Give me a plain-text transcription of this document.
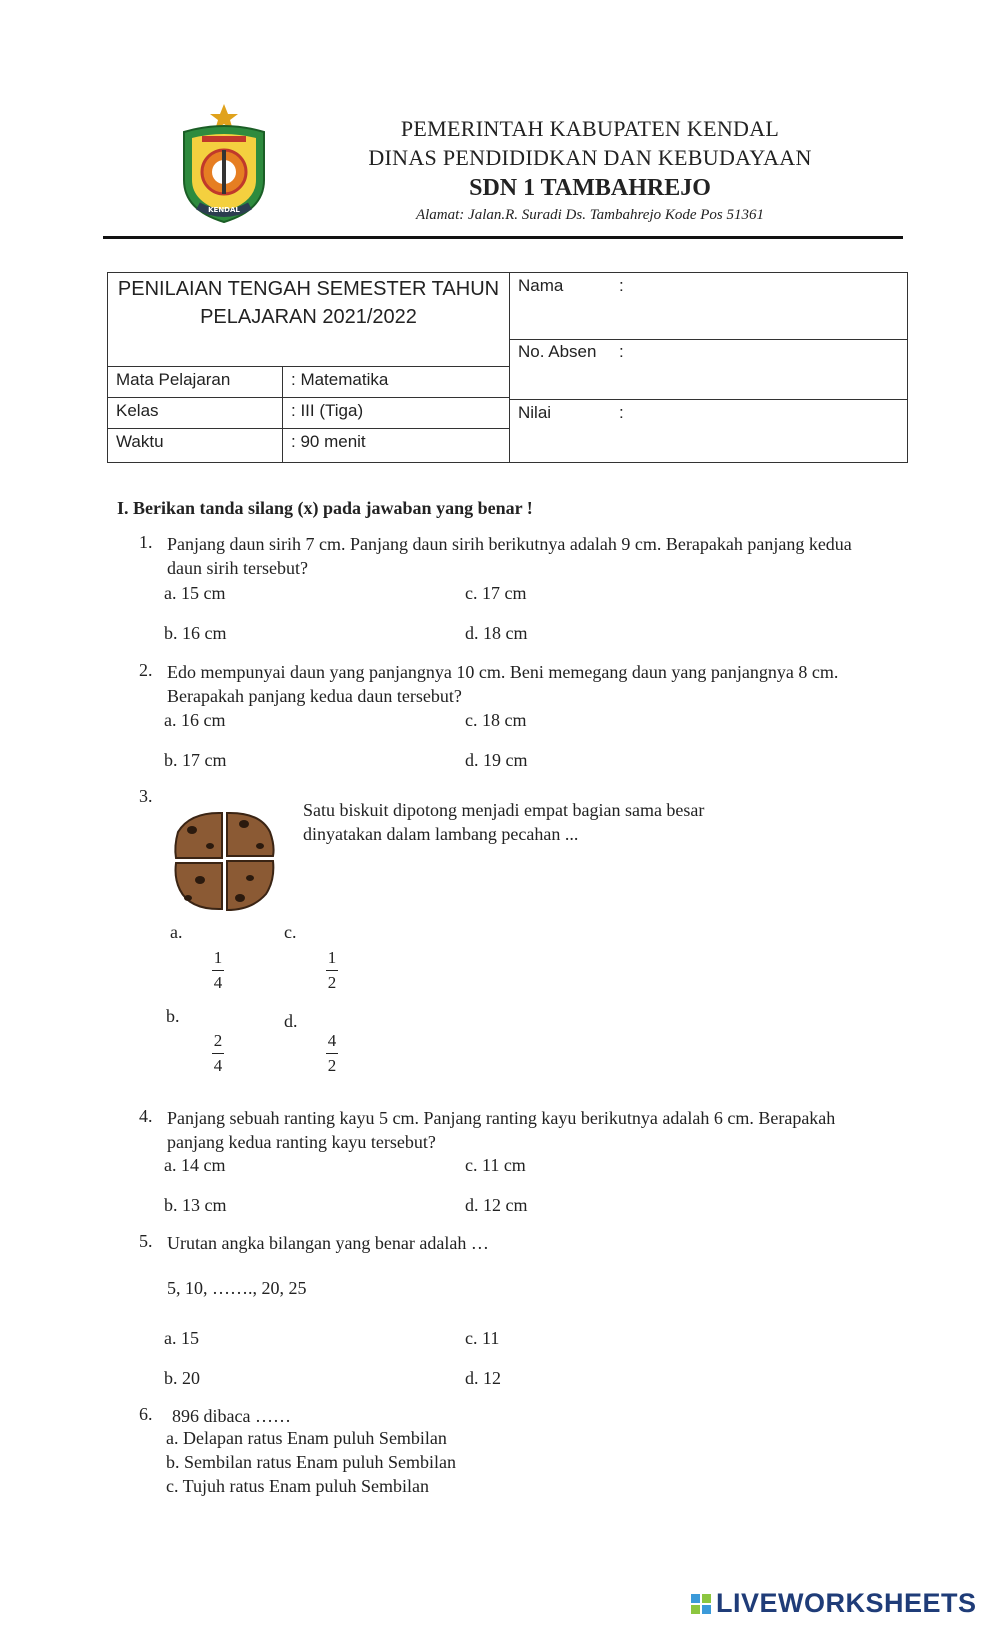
KENDAL
PEMERINTAH KABUPATEN KENDAL
DINAS PENDIDIDKAN DAN KEBUDAYAAN
SDN 1 TAMBAHREJO
Alamat: Jalan.R. Suradi Ds. Tambahrejo Kode Pos 51361
PENILAIAN TENGAH SEMESTER TAHUN
PELAJARAN 2021/2022
Mata Pelajaran	: Matematika
Kelas	: III (Tiga)
Waktu	: 90 menit
Nama	:
No. Absen :
Nilai	:
I. Berikan tanda silang (x) pada jawaban yang benar !
1. Panjang daun sirih 7 cm. Panjang daun sirih berikutnya adalah 9 cm. Berapakah panjang kedua daun sirih tersebut?
a. 15 cm	c. 17 cm
b. 16 cm	d. 18 cm
2. Edo mempunyai daun yang panjangnya 10 cm. Beni memegang daun yang panjangnya 8 cm. Berapakah panjang kedua daun tersebut?
a. 16 cm	c. 18 cm
b. 17 cm	d. 19 cm
3.
Satu biskuit dipotong menjadi empat bagian sama besar dinyatakan dalam lambang pecahan ...
a.
1
4
c.
1
2
b.
2
4
d.
4
2
4. Panjang sebuah ranting kayu 5 cm. Panjang ranting kayu berikutnya adalah 6 cm. Berapakah panjang kedua ranting kayu tersebut?
a. 14 cm	c. 11 cm
b. 13 cm	d. 12 cm
5. Urutan angka bilangan yang benar adalah …
5, 10, ……., 20, 25
a. 15	c. 11
b. 20	d. 12
6. 896 dibaca ……
a. Delapan ratus Enam puluh Sembilan
b. Sembilan ratus Enam puluh Sembilan
c. Tujuh ratus Enam puluh Sembilan
LIVEWORKSHEETS
